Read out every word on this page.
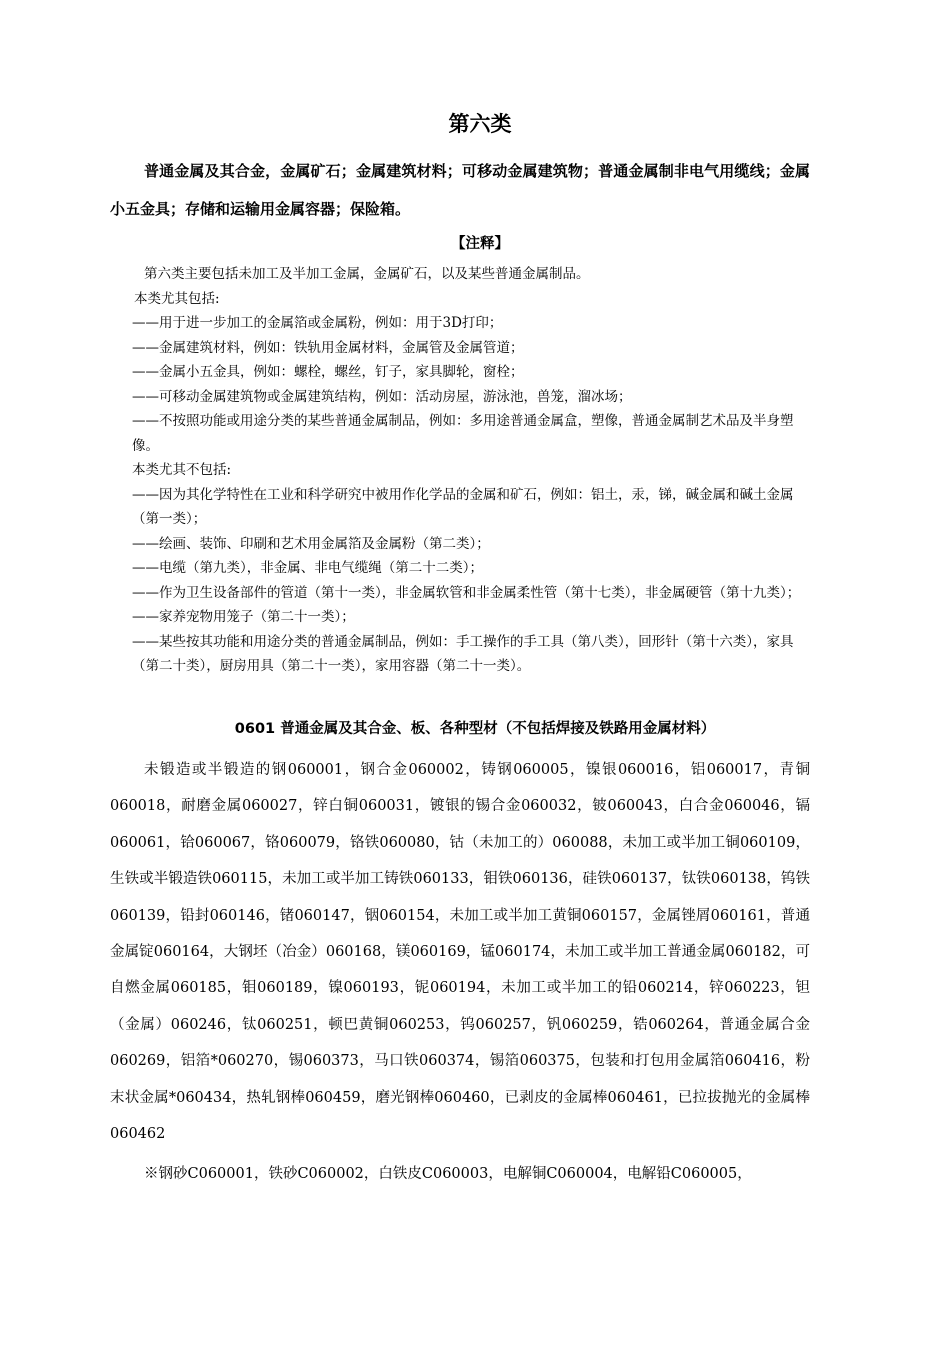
第六类
普通金属及其合金，金属矿石；金属建筑材料；可移动金属建筑物；普通金属制非电气用缆线；金属小五金具；存储和运输用金属容器；保险箱。
【注释】
第六类主要包括未加工及半加工金属，金属矿石，以及某些普通金属制品。
本类尤其包括:
——用于进一步加工的金属箔或金属粉，例如：用于3D打印；
——金属建筑材料，例如：铁轨用金属材料，金属管及金属管道；
——金属小五金具，例如：螺栓，螺丝，钉子，家具脚轮，窗栓；
——可移动金属建筑物或金属建筑结构，例如：活动房屋，游泳池，兽笼，溜冰场；
——不按照功能或用途分类的某些普通金属制品，例如：多用途普通金属盒，塑像，普通金属制艺术品及半身塑像。
本类尤其不包括:
——因为其化学特性在工业和科学研究中被用作化学品的金属和矿石，例如：铝土，汞，锑，碱金属和碱土金属（第一类）；
——绘画、装饰、印刷和艺术用金属箔及金属粉（第二类）；
——电缆（第九类），非金属、非电气缆绳（第二十二类）；
——作为卫生设备部件的管道（第十一类），非金属软管和非金属柔性管（第十七类），非金属硬管（第十九类）；
——家养宠物用笼子（第二十一类）；
——某些按其功能和用途分类的普通金属制品，例如：手工操作的手工具（第八类），回形针（第十六类），家具（第二十类），厨房用具（第二十一类），家用容器（第二十一类）。
0601 普通金属及其合金、板、各种型材（不包括焊接及铁路用金属材料）
未锻造或半锻造的钢060001，钢合金060002，铸钢060005，镍银060016，铝060017，青铜060018，耐磨金属060027，锌白铜060031，镀银的锡合金060032，铍060043，白合金060046，镉060061，铪060067，铬060079，铬铁060080，钴（未加工的）060088，未加工或半加工铜060109，生铁或半锻造铁060115，未加工或半加工铸铁060133，钼铁060136，硅铁060137，钛铁060138，钨铁060139，铅封060146，锗060147，铟060154，未加工或半加工黄铜060157，金属锉屑060161，普通金属锭060164，大钢坯（冶金）060168，镁060169，锰060174，未加工或半加工普通金属060182，可自燃金属060185，钼060189，镍060193，铌060194，未加工或半加工的铅060214，锌060223，钽（金属）060246，钛060251，顿巴黄铜060253，钨060257，钒060259，锆060264，普通金属合金060269，铝箔*060270，锡060373，马口铁060374，锡箔060375，包装和打包用金属箔060416，粉末状金属*060434，热轧钢棒060459，磨光钢棒060460，已剥皮的金属棒060461，已拉拔抛光的金属棒060462
※钢砂C060001，铁砂C060002，白铁皮C060003，电解铜C060004，电解铅C060005，
